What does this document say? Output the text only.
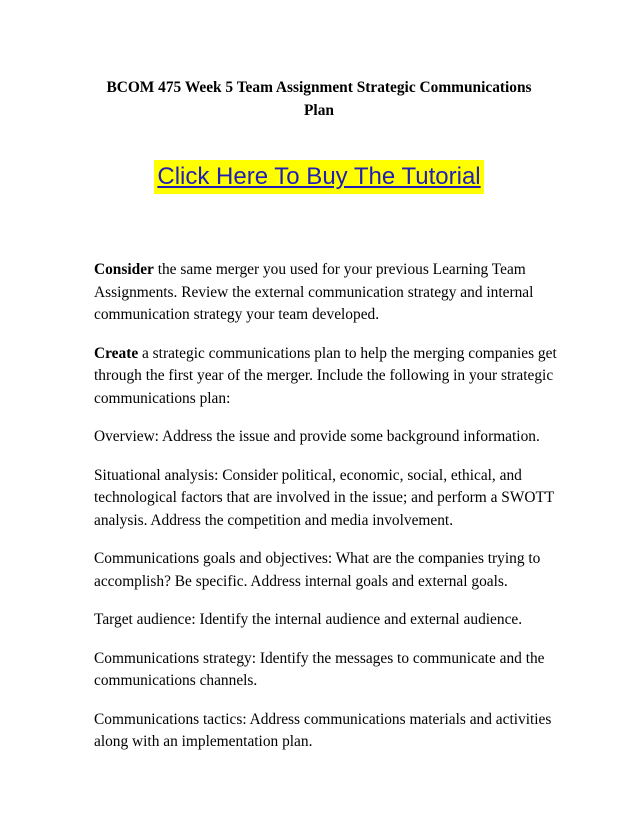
BCOM 475 Week 5 Team Assignment Strategic Communications
Plan
Click Here To Buy The Tutorial

Consider the same merger you used for your previous Learning Team Assignments. Review the external communication strategy and internal communication strategy your team developed.

Create a strategic communications plan to help the merging companies get through the first year of the merger. Include the following in your strategic communications plan:

Overview: Address the issue and provide some background information.

Situational analysis: Consider political, economic, social, ethical, and technological factors that are involved in the issue; and perform a SWOTT analysis. Address the competition and media involvement.

Communications goals and objectives: What are the companies trying to accomplish? Be specific. Address internal goals and external goals.

Target audience: Identify the internal audience and external audience.

Communications strategy: Identify the messages to communicate and the communications channels.

Communications tactics: Address communications materials and activities along with an implementation plan.
